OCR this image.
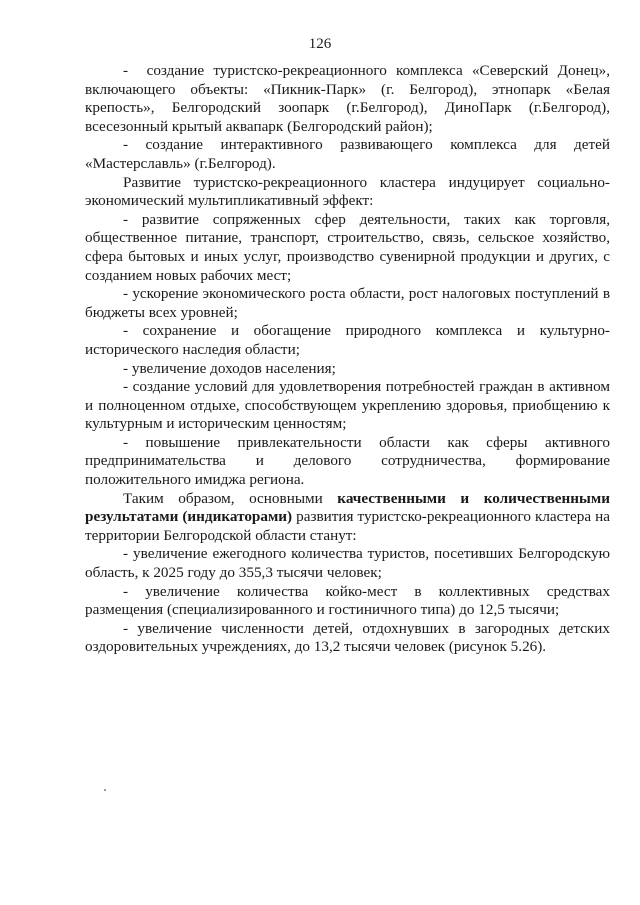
126

-  создание туристско-рекреационного комплекса «Северский Донец», включающего объекты: «Пикник-Парк» (г. Белгород), этнопарк «Белая крепость», Белгородский зоопарк (г.Белгород), ДиноПарк (г.Белгород), всесезонный крытый аквапарк (Белгородский район);

- создание интерактивного развивающего комплекса для детей «Мастерславль» (г.Белгород).

Развитие туристско-рекреационного кластера индуцирует социально-экономический мультипликативный эффект:

- развитие сопряженных сфер деятельности, таких как торговля, общественное питание, транспорт, строительство, связь, сельское хозяйство, сфера бытовых и иных услуг, производство сувенирной продукции и других, с созданием новых рабочих мест;

- ускорение экономического роста области, рост налоговых поступлений в бюджеты всех уровней;

- сохранение и обогащение природного комплекса и культурно-исторического наследия области;

- увеличение доходов населения;

- создание условий для удовлетворения потребностей граждан в активном и полноценном отдыхе, способствующем укреплению здоровья, приобщению к культурным и историческим ценностям;

- повышение привлекательности области как сферы активного предпринимательства и делового сотрудничества, формирование положительного имиджа региона.

Таким образом, основными качественными и количественными результатами (индикаторами) развития туристско-рекреационного кластера на территории Белгородской области станут:

- увеличение ежегодного количества туристов, посетивших Белгородскую область, к 2025 году до 355,3 тысячи человек;

- увеличение количества койко-мест в коллективных средствах размещения (специализированного и гостиничного типа) до 12,5 тысячи;

- увеличение численности детей, отдохнувших в загородных детских оздоровительных учреждениях, до 13,2 тысячи человек (рисунок 5.26).
